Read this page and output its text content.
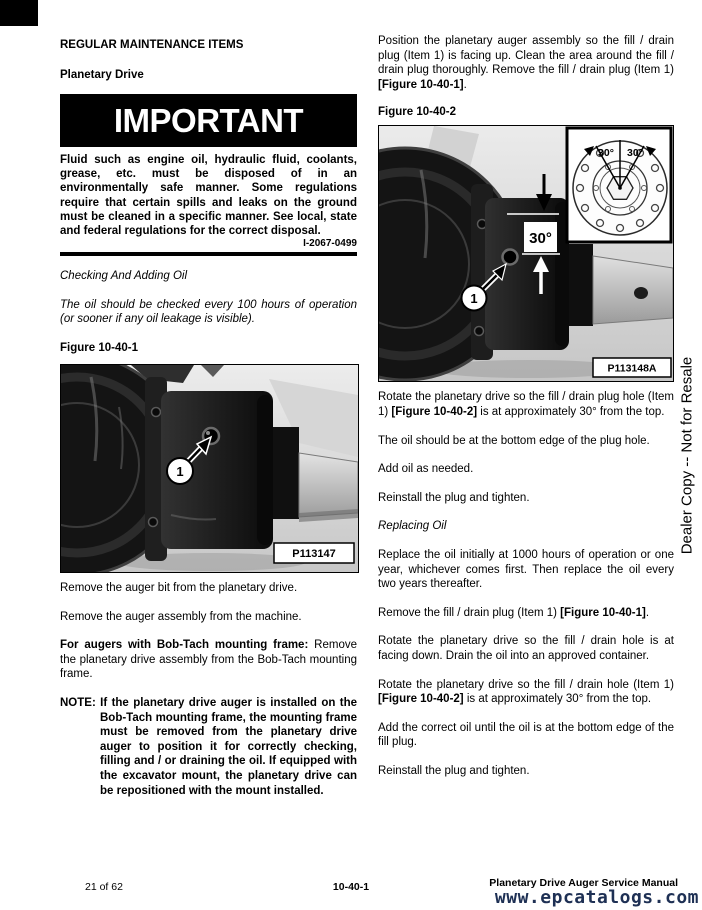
REGULAR MAINTENANCE ITEMS
Planetary Drive
IMPORTANT

Fluid such as engine oil, hydraulic fluid, coolants, grease, etc. must be disposed of in an environmentally safe manner. Some regulations require that certain spills and leaks on the ground must be cleaned in a specific manner. See local, state and federal regulations for the correct disposal.

I-2067-0499

Checking And Adding Oil

The oil should be checked every 100 hours of operation (or sooner if any oil leakage is visible).

Figure 10-40-1
1
P113147

Remove the auger bit from the planetary drive.

Remove the auger assembly from the machine.

For augers with Bob-Tach mounting frame: Remove the planetary drive assembly from the Bob-Tach mounting frame.

NOTE: If the planetary drive auger is installed on the Bob-Tach mounting frame, the mounting frame must be removed from the planetary drive auger to position it for correctly checking, filling and / or draining the oil. If equipped with the excavator mount, the planetary drive can be repositioned with the mount installed.

Position the planetary auger assembly so the fill / drain plug (Item 1) is facing up. Clean the area around the fill / drain plug thoroughly. Remove the fill / drain plug (Item 1) [Figure 10-40-1].

Figure 10-40-2
30°
1
30° 30°
P113148A

Rotate the planetary drive so the fill / drain plug hole (Item 1) [Figure 10-40-2] is at approximately 30° from the top.

The oil should be at the bottom edge of the plug hole.

Add oil as needed.

Reinstall the plug and tighten.

Replacing Oil

Replace the oil initially at 1000 hours of operation or one year, whichever comes first. Then replace the oil every two years thereafter.

Remove the fill / drain plug (Item 1) [Figure 10-40-1].

Rotate the planetary drive so the fill / drain hole is at facing down. Drain the oil into an approved container.

Rotate the planetary drive so the fill / drain hole (Item 1) [Figure 10-40-2] is at approximately 30° from the top.

Add the correct oil until the oil is at the bottom edge of the fill plug.

Reinstall the plug and tighten.

Dealer Copy -- Not for Resale
21 of 62	10-40-1	Planetary Drive Auger Service Manual
www.epcatalogs.com
